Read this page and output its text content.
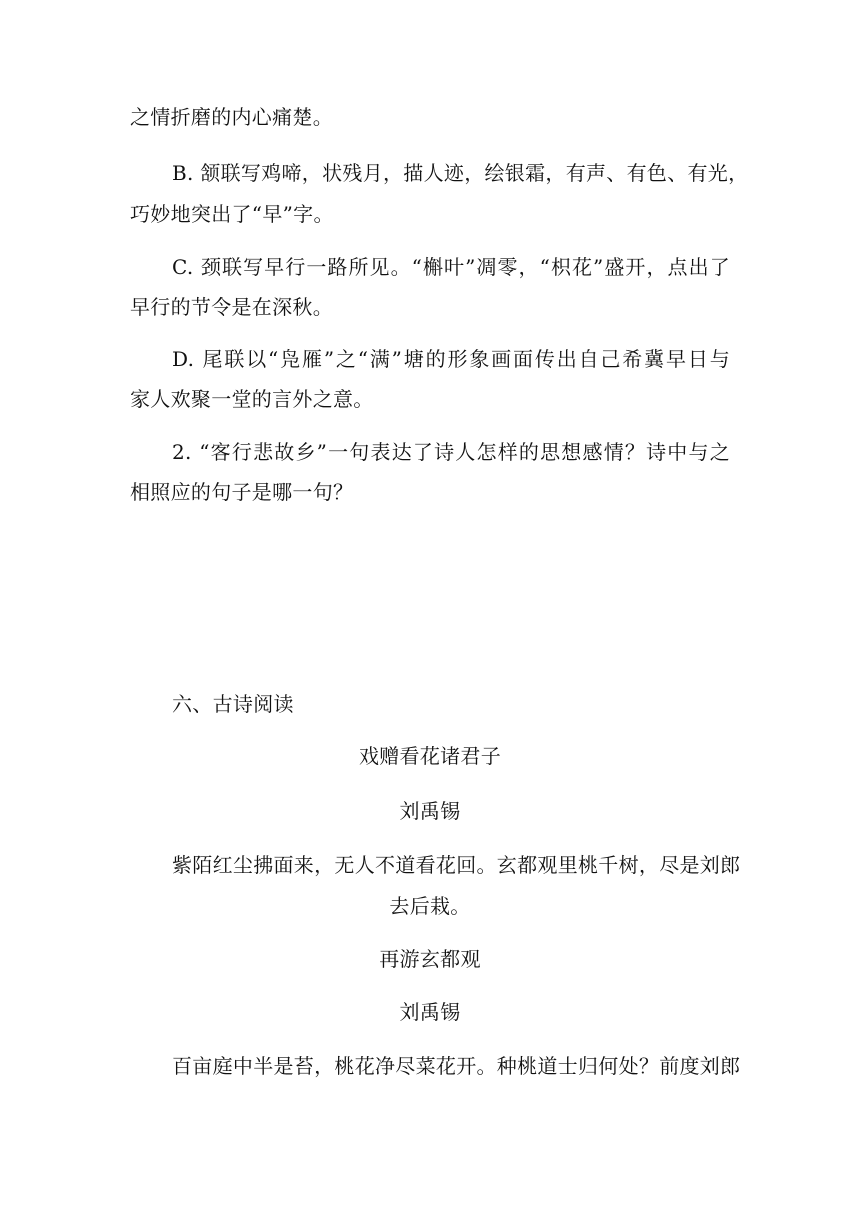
之情折磨的内心痛楚。
B. 颔联写鸡啼，状残月，描人迹，绘银霜，有声、有色、有光，
巧妙地突出了“早”字。
C. 颈联写早行一路所见。“槲叶”凋零，“枳花”盛开，点出了
早行的节令是在深秋。
D. 尾联以“凫雁”之“满”塘的形象画面传出自己希冀早日与
家人欢聚一堂的言外之意。
2. “客行悲故乡”一句表达了诗人怎样的思想感情？诗中与之
相照应的句子是哪一句？
六、古诗阅读
戏赠看花诸君子
刘禹锡
紫陌红尘拂面来，无人不道看花回。玄都观里桃千树，尽是刘郎
去后栽。
再游玄都观
刘禹锡
百亩庭中半是苔，桃花净尽菜花开。种桃道士归何处？前度刘郎
